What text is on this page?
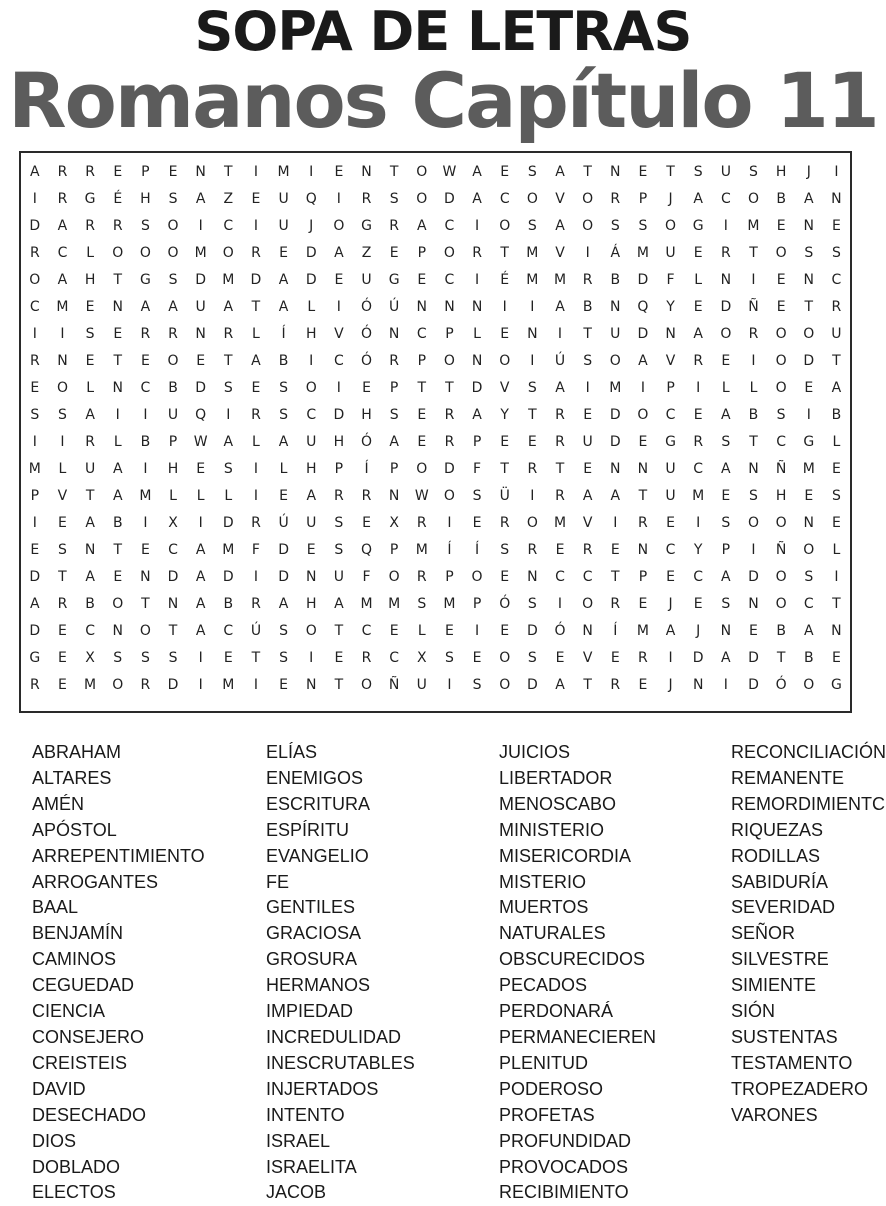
SOPA DE LETRAS
Romanos Capítulo 11
A	R	R	E	P	E	N	T	I	M	I	E	N	T	O	W	A	E	S	A	T	N	E	T	S	U	S	H	J	I
I	R	G	É	H	S	A	Z	E	U	Q	I	R	S	O	D	A	C	O	V	O	R	P	J	A	C	O	B	A	N
D	A	R	R	S	O	I	C	I	U	J	O	G	R	A	C	I	O	S	A	O	S	S	O	G	I	M	E	N	E
R	C	L	O	O	O	M	O	R	E	D	A	Z	E	P	O	R	T	M	V	I	Á	M	U	E	R	T	O	S	S
O	A	H	T	G	S	D	M	D	A	D	E	U	G	E	C	I	É	M	M	R	B	D	F	L	N	I	E	N	C
C	M	E	N	A	A	U	A	T	A	L	I	Ó	Ú	N	N	N	I	I	A	B	N	Q	Y	E	D	Ñ	E	T	R
I	I	S	E	R	R	N	R	L	Í	H	V	Ó	N	C	P	L	E	N	I	T	U	D	N	A	O	R	O	O	U
R	N	E	T	E	O	E	T	A	B	I	C	Ó	R	P	O	N	O	I	Ú	S	O	A	V	R	E	I	O	D	T
E	O	L	N	C	B	D	S	E	S	O	I	E	P	T	T	D	V	S	A	I	M	I	P	I	L	L	O	E	A
S	S	A	I	I	U	Q	I	R	S	C	D	H	S	E	R	A	Y	T	R	E	D	O	C	E	A	B	S	I	B
I	I	R	L	B	P	W	A	L	A	U	H	Ó	A	E	R	P	E	E	R	U	D	E	G	R	S	T	C	G	L
M	L	U	A	I	H	E	S	I	L	H	P	Í	P	O	D	F	T	R	T	E	N	N	U	C	A	N	Ñ	M	E
P	V	T	A	M	L	L	L	I	E	A	R	R	N	W	O	S	Ü	I	R	A	A	T	U	M	E	S	H	E	S
I	E	A	B	I	X	I	D	R	Ú	U	S	E	X	R	I	E	R	O	M	V	I	R	E	I	S	O	O	N	E
E	S	N	T	E	C	A	M	F	D	E	S	Q	P	M	Í	Í	S	R	E	R	E	N	C	Y	P	I	Ñ	O	L
D	T	A	E	N	D	A	D	I	D	N	U	F	O	R	P	O	E	N	C	C	T	P	E	C	A	D	O	S	I
A	R	B	O	T	N	A	B	R	A	H	A	M	M	S	M	P	Ó	S	I	O	R	E	J	E	S	N	O	C	T
D	E	C	N	O	T	A	C	Ú	S	O	T	C	E	L	E	I	E	D	Ó	N	Í	M	A	J	N	E	B	A	N
G	E	X	S	S	S	I	E	T	S	I	E	R	C	X	S	E	O	S	E	V	E	R	I	D	A	D	T	B	E
R	E	M	O	R	D	I	M	I	E	N	T	O	Ñ	U	I	S	O	D	A	T	R	E	J	N	I	D	Ó	O	G
ABRAHAM
ALTARES
AMÉN
APÓSTOL
ARREPENTIMIENTO
ARROGANTES
BAAL
BENJAMÍN
CAMINOS
CEGUEDAD
CIENCIA
CONSEJERO
CREISTEIS
DAVID
DESECHADO
DIOS
DOBLADO
ELECTOS
ELÍAS
ENEMIGOS
ESCRITURA
ESPÍRITU
EVANGELIO
FE
GENTILES
GRACIOSA
GROSURA
HERMANOS
IMPIEDAD
INCREDULIDAD
INESCRUTABLES
INJERTADOS
INTENTO
ISRAEL
ISRAELITA
JACOB
JUICIOS
LIBERTADOR
MENOSCABO
MINISTERIO
MISERICORDIA
MISTERIO
MUERTOS
NATURALES
OBSCURECIDOS
PECADOS
PERDONARÁ
PERMANECIEREN
PLENITUD
PODEROSO
PROFETAS
PROFUNDIDAD
PROVOCADOS
RECIBIMIENTO
RECONCILIACIÓN
REMANENTE
REMORDIMIENTC
RIQUEZAS
RODILLAS
SABIDURÍA
SEVERIDAD
SEÑOR
SILVESTRE
SIMIENTE
SIÓN
SUSTENTAS
TESTAMENTO
TROPEZADERO
VARONES
